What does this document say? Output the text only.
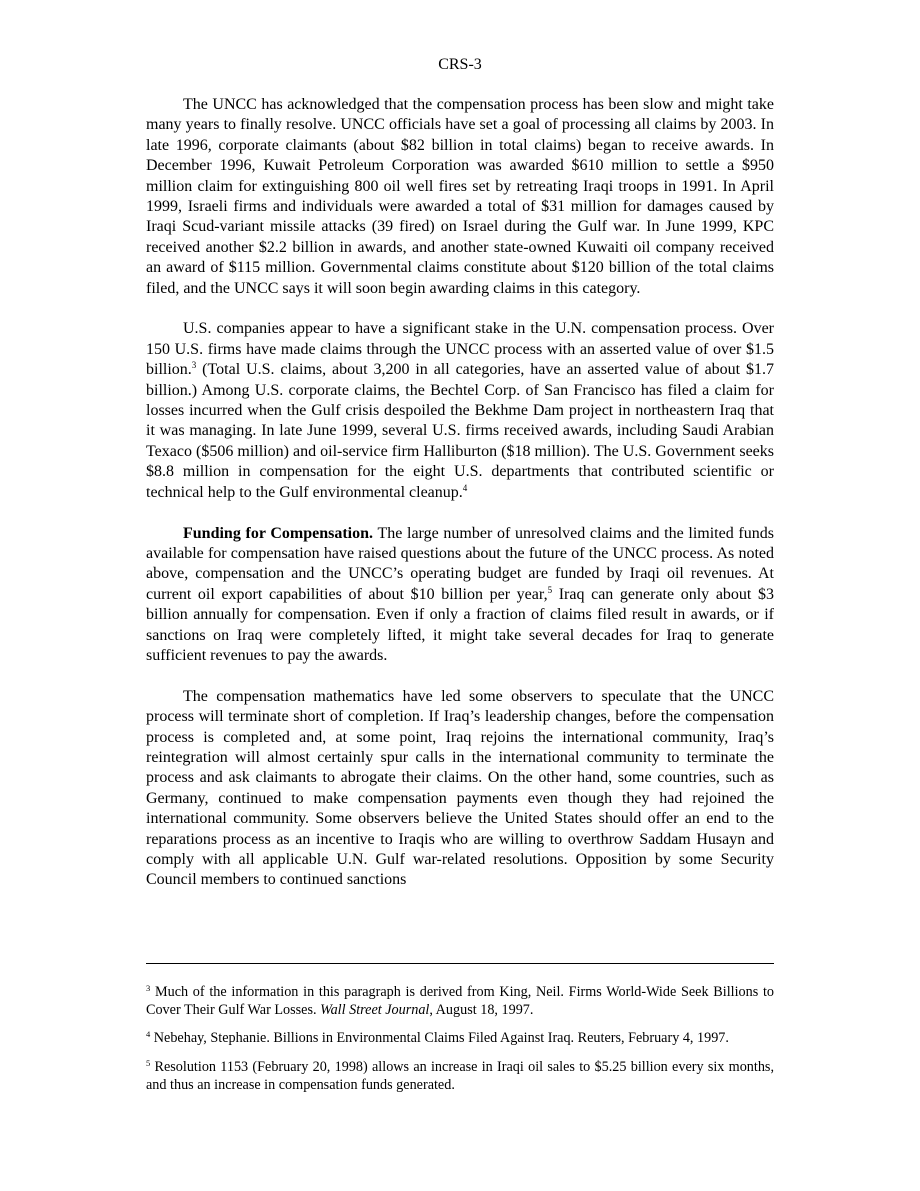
CRS-3

The UNCC has acknowledged that the compensation process has been slow and might take many years to finally resolve. UNCC officials have set a goal of processing all claims by 2003. In late 1996, corporate claimants (about $82 billion in total claims) began to receive awards. In December 1996, Kuwait Petroleum Corporation was awarded $610 million to settle a $950 million claim for extinguishing 800 oil well fires set by retreating Iraqi troops in 1991. In April 1999, Israeli firms and individuals were awarded a total of $31 million for damages caused by Iraqi Scud-variant missile attacks (39 fired) on Israel during the Gulf war. In June 1999, KPC received another $2.2 billion in awards, and another state-owned Kuwaiti oil company received an award of $115 million. Governmental claims constitute about $120 billion of the total claims filed, and the UNCC says it will soon begin awarding claims in this category.

U.S. companies appear to have a significant stake in the U.N. compensation process. Over 150 U.S. firms have made claims through the UNCC process with an asserted value of over $1.5 billion.$^3$ (Total U.S. claims, about 3,200 in all categories, have an asserted value of about $1.7 billion.) Among U.S. corporate claims, the Bechtel Corp. of San Francisco has filed a claim for losses incurred when the Gulf crisis despoiled the Bekhme Dam project in northeastern Iraq that it was managing. In late June 1999, several U.S. firms received awards, including Saudi Arabian Texaco ($506 million) and oil-service firm Halliburton ($18 million). The U.S. Government seeks $8.8 million in compensation for the eight U.S. departments that contributed scientific or technical help to the Gulf environmental cleanup.$^4$

Funding for Compensation. The large number of unresolved claims and the limited funds available for compensation have raised questions about the future of the UNCC process. As noted above, compensation and the UNCC’s operating budget are funded by Iraqi oil revenues. At current oil export capabilities of about $10 billion per year,$^5$ Iraq can generate only about $3 billion annually for compensation. Even if only a fraction of claims filed result in awards, or if sanctions on Iraq were completely lifted, it might take several decades for Iraq to generate sufficient revenues to pay the awards.

The compensation mathematics have led some observers to speculate that the UNCC process will terminate short of completion. If Iraq’s leadership changes, before the compensation process is completed and, at some point, Iraq rejoins the international community, Iraq’s reintegration will almost certainly spur calls in the international community to terminate the process and ask claimants to abrogate their claims. On the other hand, some countries, such as Germany, continued to make compensation payments even though they had rejoined the international community. Some observers believe the United States should offer an end to the reparations process as an incentive to Iraqis who are willing to overthrow Saddam Husayn and comply with all applicable U.N. Gulf war-related resolutions. Opposition by some Security Council members to continued sanctions

$^3$ Much of the information in this paragraph is derived from King, Neil. Firms World-Wide Seek Billions to Cover Their Gulf War Losses. Wall Street Journal, August 18, 1997.

$^4$ Nebehay, Stephanie. Billions in Environmental Claims Filed Against Iraq. Reuters, February 4, 1997.

$^5$ Resolution 1153 (February 20, 1998) allows an increase in Iraqi oil sales to $5.25 billion every six months, and thus an increase in compensation funds generated.
